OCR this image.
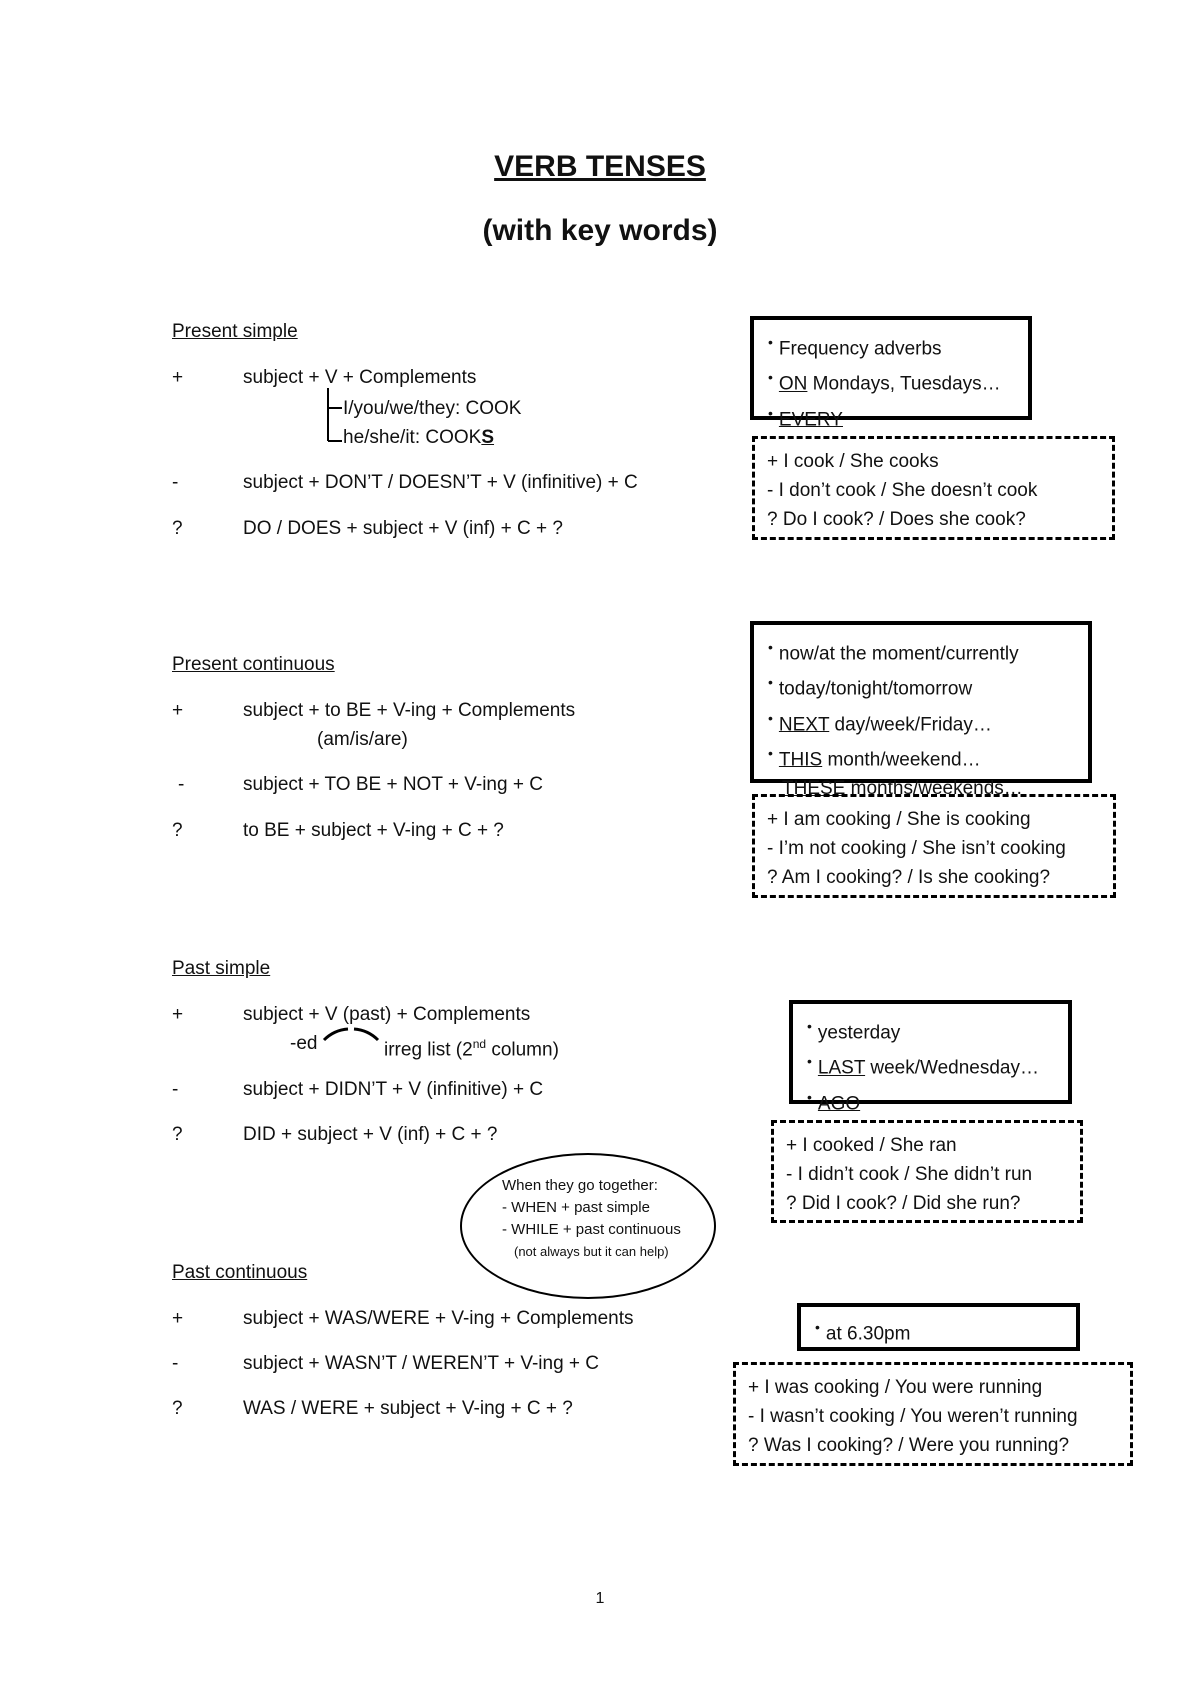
VERB TENSES
(with key words)
Present simple
+	subject + V + Complements
I/you/we/they: COOK
he/she/it: COOKS
-	subject + DON’T / DOESN’T + V (infinitive) + C
?	DO / DOES + subject + V (inf) + C + ?
• Frequency adverbs
• ON Mondays, Tuesdays…
• EVERY
+ I cook / She cooks
- I don’t cook / She doesn’t cook
? Do I cook? / Does she cook?
Present continuous
+	subject + to BE + V-ing + Complements
(am/is/are)
-	subject + TO BE + NOT + V-ing + C
?	to BE + subject + V-ing + C + ?
• now/at the moment/currently
• today/tonight/tomorrow
• NEXT day/week/Friday…
• THIS month/weekend…
THESE months/weekends…
+ I am cooking / She is cooking
- I’m not cooking / She isn’t cooking
? Am I cooking? / Is she cooking?
Past simple
+	subject + V (past) + Complements
-ed	irreg list (2nd column)
-	subject + DIDN’T + V (infinitive) + C
?	DID + subject + V (inf) + C + ?
• yesterday
• LAST week/Wednesday…
• AGO
+ I cooked / She ran
- I didn’t cook / She didn’t run
? Did I cook? / Did she run?
When they go together:
- WHEN + past simple
- WHILE + past continuous
(not always but it can help)
Past continuous
+	subject + WAS/WERE + V-ing + Complements
-	subject + WASN’T / WEREN’T + V-ing + C
?	WAS / WERE + subject + V-ing + C + ?
• at 6.30pm
+ I was cooking / You were running
- I wasn’t cooking / You weren’t running
? Was I cooking? / Were you running?
1
